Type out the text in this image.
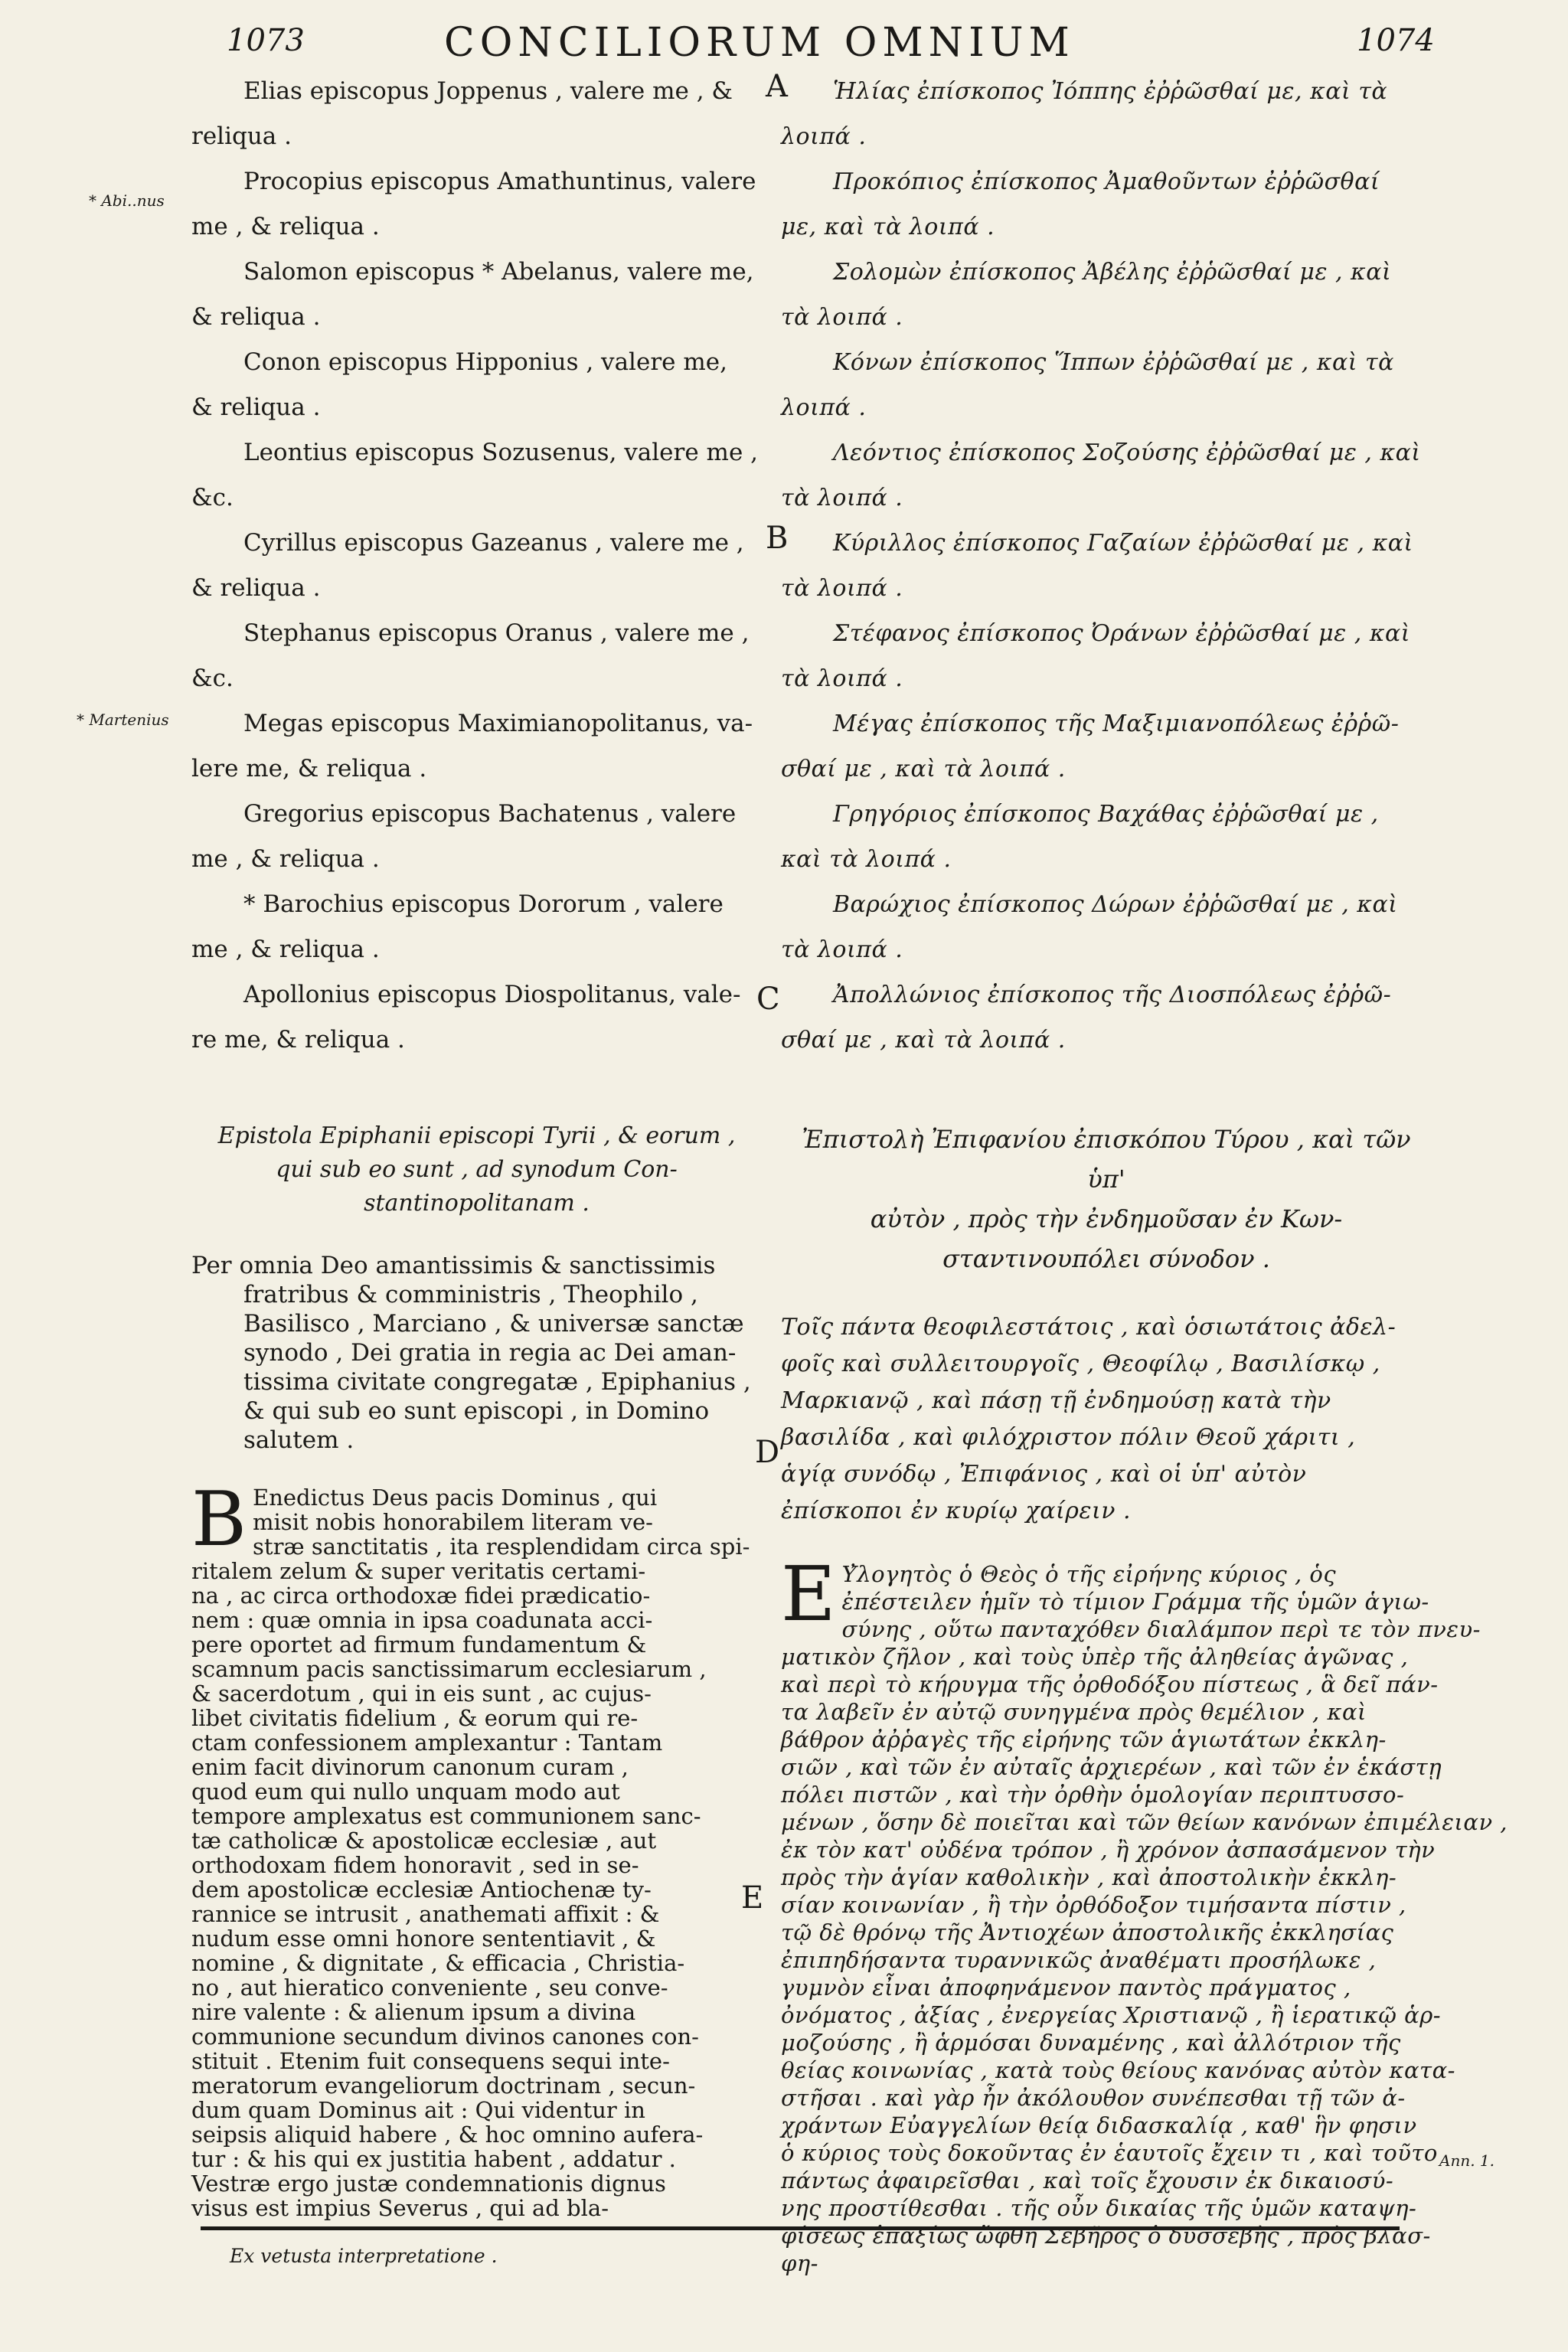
1073	CONCILIORUM OMNIUM	1074
* Abi..nus
* Martenius
Ann. 1.
A
B
C
D
E
Elias episcopus Joppenus , valere me , &
reliqua .
Procopius episcopus Amathuntinus, valere
me , & reliqua .
Salomon episcopus * Abelanus, valere me,
& reliqua .
Conon episcopus Hipponius , valere me,
& reliqua .
Leontius episcopus Sozusenus, valere me ,
&c.
Cyrillus episcopus Gazeanus , valere me ,
& reliqua .
Stephanus episcopus Oranus , valere me ,
&c.
Megas episcopus Maximianopolitanus, va-
lere me, & reliqua .
Gregorius episcopus Bachatenus , valere
me , & reliqua .
* Barochius episcopus Dororum , valere
me , & reliqua .
Apollonius episcopus Diospolitanus, vale-
re me, & reliqua .
Epistola Epiphanii episcopi Tyrii , & eorum ,
qui sub eo sunt , ad synodum Con-
stantinopolitanam .
Per omnia Deo amantissimis & sanctissimis
fratribus & comministris , Theophilo ,
Basilisco , Marciano , & universæ sanctæ
synodo , Dei gratia in regia ac Dei aman-
tissima civitate congregatæ , Epiphanius ,
& qui sub eo sunt episcopi , in Domino
salutem .
B Enedictus Deus pacis Dominus , qui
misit nobis honorabilem literam ve-
stræ sanctitatis , ita resplendidam circa spi-
ritalem zelum & super veritatis certami-
na , ac circa orthodoxæ fidei prædicatio-
nem : quæ omnia in ipsa coadunata acci-
pere oportet ad firmum fundamentum &
scamnum pacis sanctissimarum ecclesiarum ,
& sacerdotum , qui in eis sunt , ac cujus-
libet civitatis fidelium , & eorum qui re-
ctam confessionem amplexantur : Tantam
enim facit divinorum canonum curam ,
quod eum qui nullo unquam modo aut
tempore amplexatus est communionem sanc-
tæ catholicæ & apostolicæ ecclesiæ , aut
orthodoxam fidem honoravit , sed in se-
dem apostolicæ ecclesiæ Antiochenæ ty-
rannice se intrusit , anathemati affixit : &
nudum esse omni honore sententiavit , &
nomine , & dignitate , & efficacia , Christia-
no , aut hieratico conveniente , seu conve-
nire valente : & alienum ipsum a divina
communione secundum divinos canones con-
stituit . Etenim fuit consequens sequi inte-
meratorum evangeliorum doctrinam , secun-
dum quam Dominus ait : Qui videntur in
seipsis aliquid habere , & hoc omnino aufera-
tur : & his qui ex justitia habent , addatur .
Vestræ ergo justæ condemnationis dignus
visus est impius Severus , qui ad bla-
Ἡλίας ἐπίσκοπος Ἰόππης ἐῤῥῶσθαί με, καὶ τὰ
λοιπά .
Προκόπιος ἐπίσκοπος Ἀμαθοῦντων ἐῤῥῶσθαί
με, καὶ τὰ λοιπά .
Σολομὼν ἐπίσκοπος Ἀβέλης ἐῤῥῶσθαί με , καὶ
τὰ λοιπά .
Κόνων ἐπίσκοπος Ἵππων ἐῤῥῶσθαί με , καὶ τὰ
λοιπά .
Λεόντιος ἐπίσκοπος Σοζούσης ἐῤῥῶσθαί με , καὶ
τὰ λοιπά .
Κύριλλος ἐπίσκοπος Γαζαίων ἐῤῥῶσθαί με , καὶ
τὰ λοιπά .
Στέφανος ἐπίσκοπος Ὀράνων ἐῤῥῶσθαί με , καὶ
τὰ λοιπά .
Μέγας ἐπίσκοπος τῆς Μαξιμιανοπόλεως ἐῤῥῶ-
σθαί με , καὶ τὰ λοιπά .
Γρηγόριος ἐπίσκοπος Βαχάθας ἐῤῥῶσθαί με ,
καὶ τὰ λοιπά .
Βαρώχιος ἐπίσκοπος Δώρων ἐῤῥῶσθαί με , καὶ
τὰ λοιπά .
Ἀπολλώνιος ἐπίσκοπος τῆς Διοσπόλεως ἐῤῥῶ-
σθαί με , καὶ τὰ λοιπά .
Ἐπιστολὴ Ἐπιφανίου ἐπισκόπου Τύρου , καὶ τῶν ὑπ'
αὐτὸν , πρὸς τὴν ἐνδημοῦσαν ἐν Κων-
σταντινουπόλει σύνοδον .
Τοῖς πάντα θεοφιλεστάτοις , καὶ ὁσιωτάτοις ἀδελ-
φοῖς καὶ συλλειτουργοῖς , Θεοφίλῳ , Βασιλίσκῳ ,
Μαρκιανῷ , καὶ πάσῃ τῇ ἐνδημούσῃ κατὰ τὴν
βασιλίδα , καὶ φιλόχριστον πόλιν Θεοῦ χάριτι ,
ἁγίᾳ συνόδῳ , Ἐπιφάνιος , καὶ οἱ ὑπ' αὐτὸν
ἐπίσκοποι ἐν κυρίῳ χαίρειν .
Ε Υ̓λογητὸς ὁ Θεὸς ὁ τῆς εἰρήνης κύριος , ὁς
ἐπέστειλεν ἡμῖν τὸ τίμιον Γράμμα τῆς ὑμῶν ἁγιω-
σύνης , οὕτω πανταχόθεν διαλάμπον περὶ τε τὸν πνευ-
ματικὸν ζῆλον , καὶ τοὺς ὑπὲρ τῆς ἀληθείας ἀγῶνας ,
καὶ περὶ τὸ κήρυγμα τῆς ὀρθοδόξου πίστεως , ἃ δεῖ πάν-
τα λαβεῖν ἐν αὐτῷ συνηγμένα πρὸς θεμέλιον , καὶ
βάθρον ἀῤῥαγὲς τῆς εἰρήνης τῶν ἁγιωτάτων ἐκκλη-
σιῶν , καὶ τῶν ἐν αὐταῖς ἀρχιερέων , καὶ τῶν ἐν ἑκάστῃ
πόλει πιστῶν , καὶ τὴν ὀρθὴν ὁμολογίαν περιπτυσσο-
μένων , ὅσην δὲ ποιεῖται καὶ τῶν θείων κανόνων ἐπιμέλειαν ,
ἐκ τὸν κατ' οὐδένα τρόπον , ἢ χρόνον ἀσπασάμενον τὴν
πρὸς τὴν ἁγίαν καθολικὴν , καὶ ἀποστολικὴν ἐκκλη-
σίαν κοινωνίαν , ἢ τὴν ὀρθόδοξον τιμήσαντα πίστιν ,
τῷ δὲ θρόνῳ τῆς Ἀντιοχέων ἀποστολικῆς ἐκκλησίας
ἐπιπηδήσαντα τυραννικῶς ἀναθέματι προσήλωκε ,
γυμνὸν εἶναι ἀποφηνάμενον παντὸς πράγματος ,
ὀνόματος , ἀξίας , ἐνεργείας Χριστιανῷ , ἢ ἱερατικῷ ἁρ-
μοζούσης , ἢ ἁρμόσαι δυναμένης , καὶ ἀλλότριον τῆς
θείας κοινωνίας , κατὰ τοὺς θείους κανόνας αὐτὸν κατα-
στῆσαι . καὶ γὰρ ἦν ἀκόλουθον συνέπεσθαι τῇ τῶν ἀ-
χράντων Εὐαγγελίων θείᾳ διδασκαλίᾳ , καθ' ἣν φησιν
ὁ κύριος τοὺς δοκοῦντας ἐν ἑαυτοῖς ἔχειν τι , καὶ τοῦτο
πάντως ἀφαιρεῖσθαι , καὶ τοῖς ἔχουσιν ἐκ δικαιοσύ-
νης προστίθεσθαι . τῆς οὖν δικαίας τῆς ὑμῶν καταψη-
φίσεως ἐπαξίως ὤφθη Σεβῆρος ὁ δυσσεβὴς , πρὸς βλασ-
φη-
Ex vetusta interpretatione .
